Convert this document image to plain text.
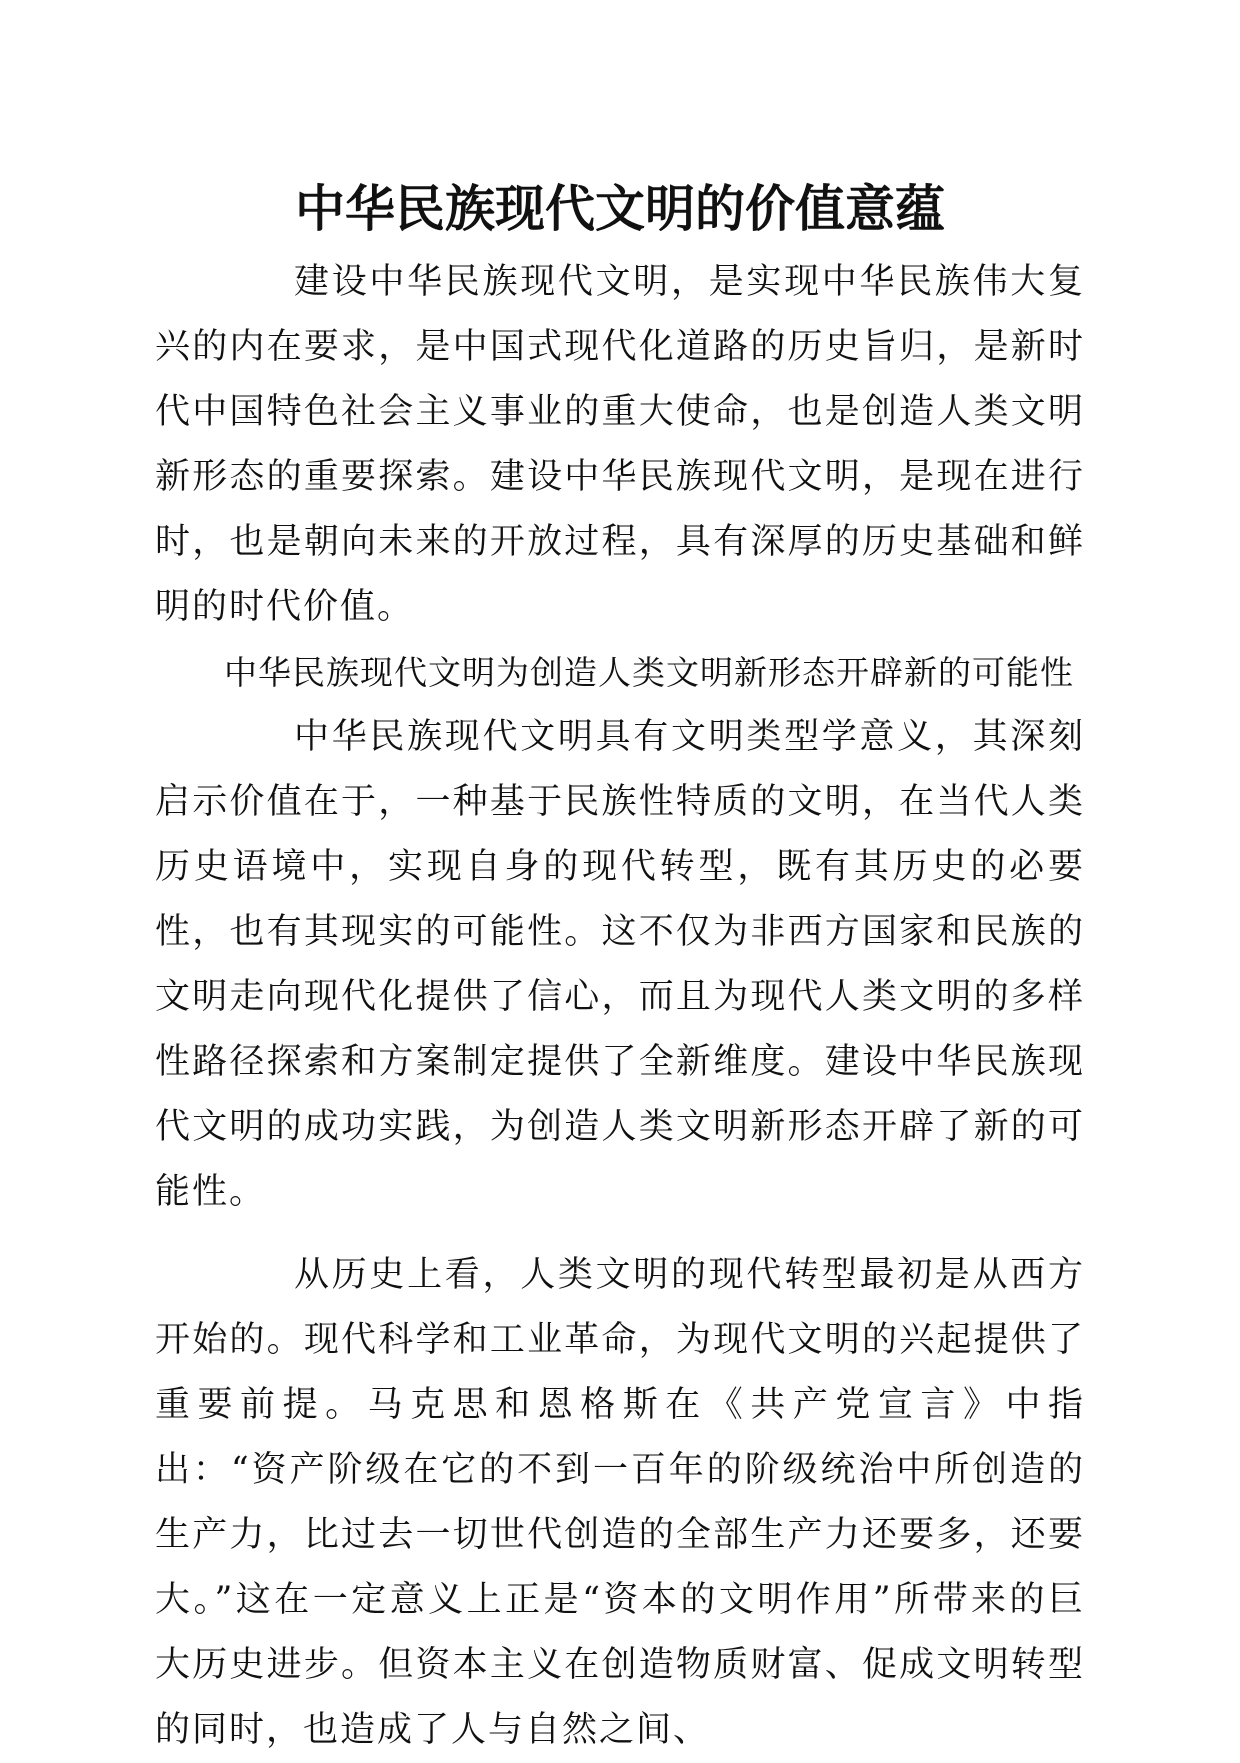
中华民族现代文明的价值意蕴

建设中华民族现代文明，是实现中华民族伟大复兴的内在要求，是中国式现代化道路的历史旨归，是新时代中国特色社会主义事业的重大使命，也是创造人类文明新形态的重要探索。建设中华民族现代文明，是现在进行时，也是朝向未来的开放过程，具有深厚的历史基础和鲜明的时代价值。

中华民族现代文明为创造人类文明新形态开辟新的可能性

中华民族现代文明具有文明类型学意义，其深刻启示价值在于，一种基于民族性特质的文明，在当代人类历史语境中，实现自身的现代转型，既有其历史的必要性，也有其现实的可能性。这不仅为非西方国家和民族的文明走向现代化提供了信心，而且为现代人类文明的多样性路径探索和方案制定提供了全新维度。建设中华民族现代文明的成功实践，为创造人类文明新形态开辟了新的可能性。

从历史上看，人类文明的现代转型最初是从西方开始的。现代科学和工业革命，为现代文明的兴起提供了重要前提。马克思和恩格斯在《共产党宣言》中指出：“资产阶级在它的不到一百年的阶级统治中所创造的生产力，比过去一切世代创造的全部生产力还要多，还要大。”这在一定意义上正是“资本的文明作用”所带来的巨大历史进步。但资本主义在创造物质财富、促成文明转型的同时，也造成了人与自然之间、
